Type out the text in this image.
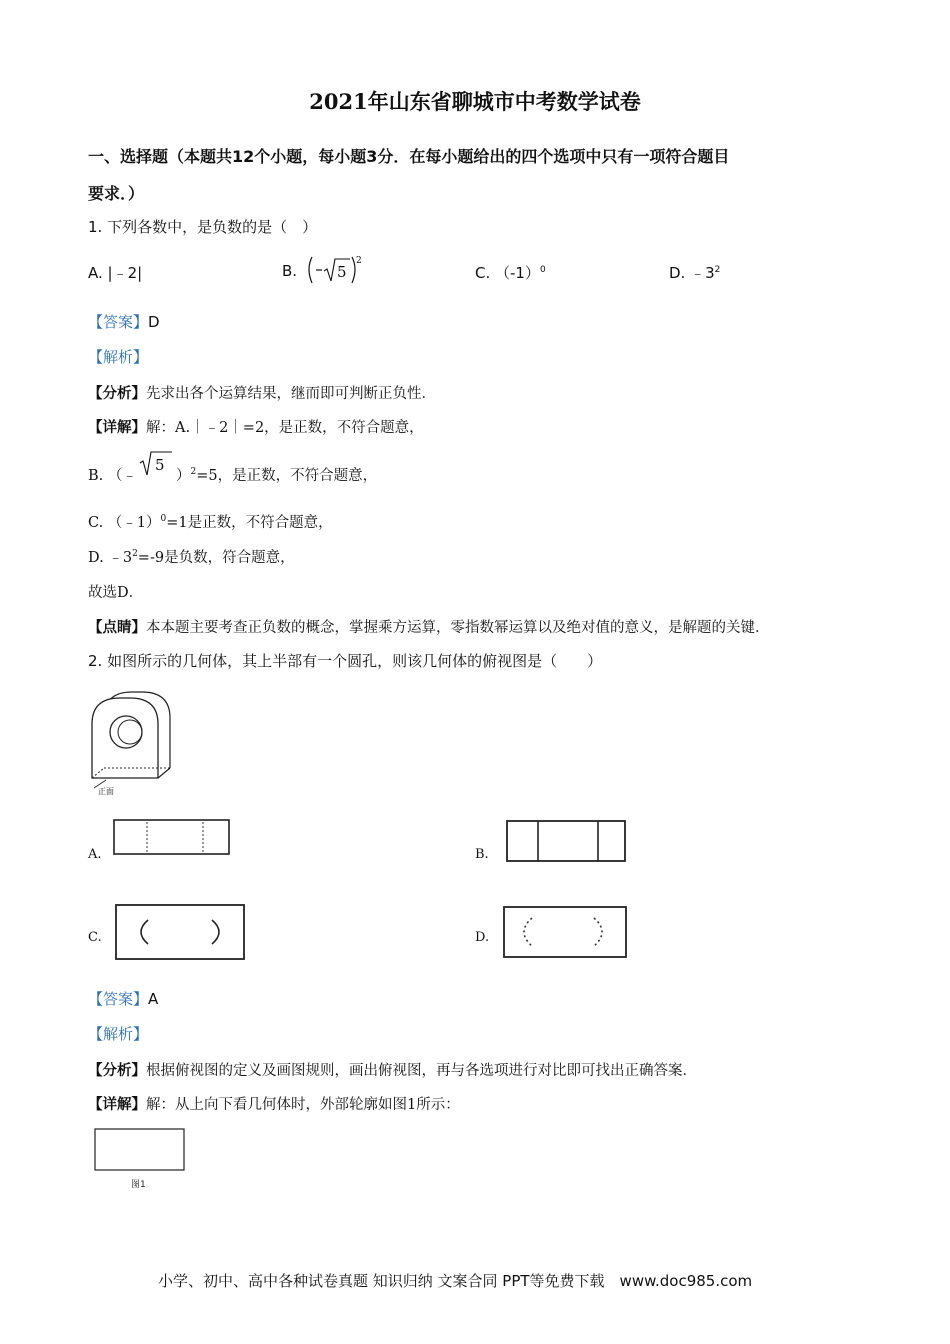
2021年山东省聊城市中考数学试卷
一、选择题（本题共12个小题，每小题3分．在每小题给出的四个选项中只有一项符合题目
要求．）
1. 下列各数中，是负数的是（　）
A. |﹣2|	B.	5
2
C. $(-1)^0$	D. $﹣3^2$
【答案】D
【解析】
【分析】先求出各个运算结果，继而即可判断正负性．
【详解】解：A.｜﹣2｜=2，是正数，不符合题意，
B. （﹣
5
）$^2$=5，是正数，不符合题意，
C. （﹣1）$^0$=1是正数，不符合题意，
D. $﹣3^2=-9$是负数，符合题意，
故选D．
【点睛】本本题主要考查正负数的概念，掌握乘方运算，零指数幂运算以及绝对值的意义，是解题的关键．
2. 如图所示的几何体，其上半部有一个圆孔，则该几何体的俯视图是（　　）
正面
A.	B.
C.	D.
【答案】A
【解析】
【分析】根据俯视图的定义及画图规则，画出俯视图，再与各选项进行对比即可找出正确答案．
【详解】解：从上向下看几何体时，外部轮廓如图1所示：
图1
小学、初中、高中各种试卷真题 知识归纳 文案合同 PPT等免费下载　www.doc985.com
